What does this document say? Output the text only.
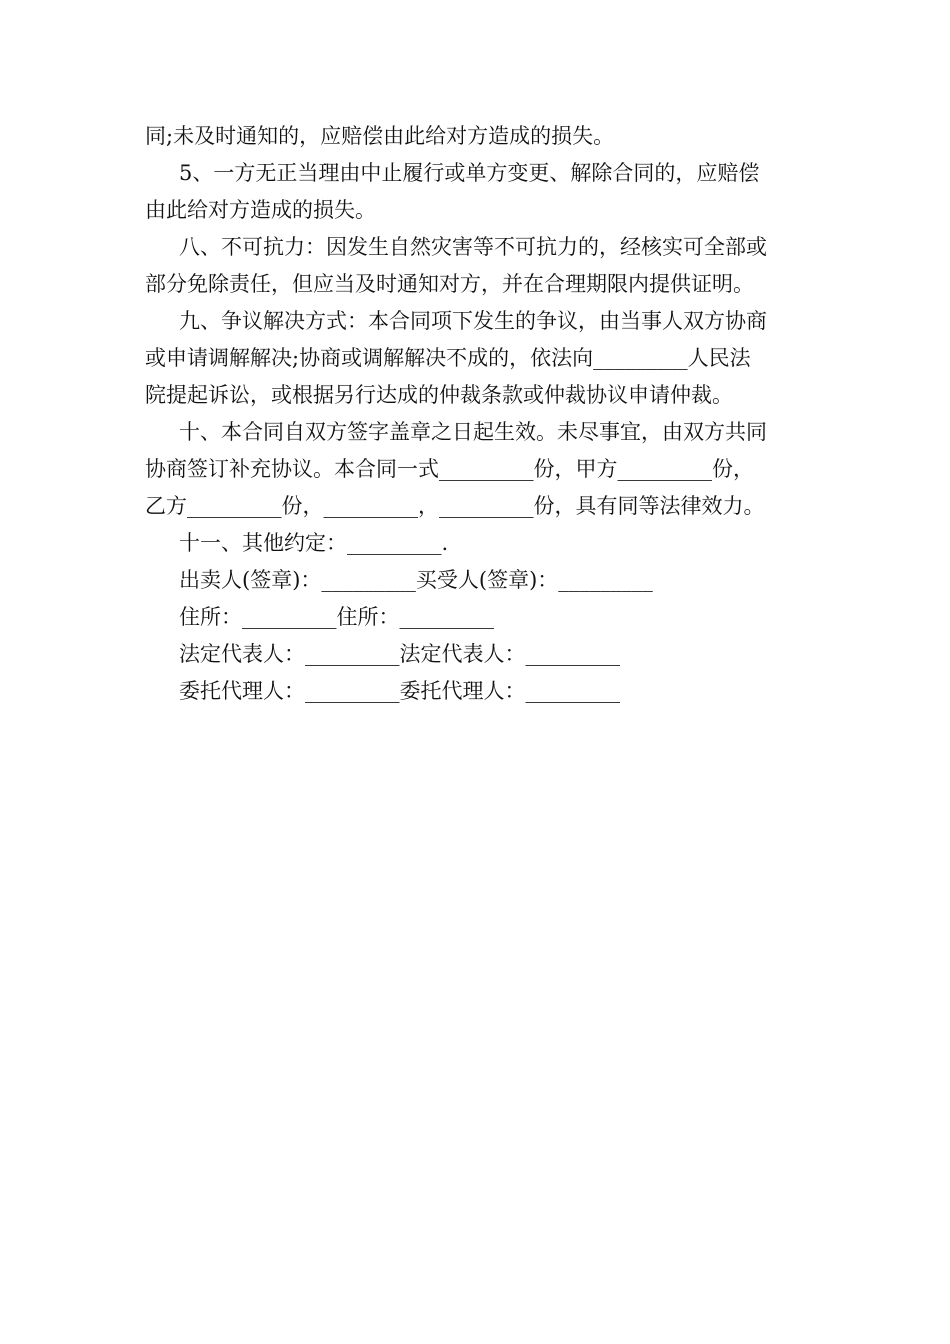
同;未及时通知的，应赔偿由此给对方造成的损失。
5、一方无正当理由中止履行或单方变更、解除合同的，应赔偿
由此给对方造成的损失。
八、不可抗力：因发生自然灾害等不可抗力的，经核实可全部或
部分免除责任，但应当及时通知对方，并在合理期限内提供证明。
九、争议解决方式：本合同项下发生的争议，由当事人双方协商
或申请调解解决;协商或调解解决不成的，依法向_________人民法
院提起诉讼，或根据另行达成的仲裁条款或仲裁协议申请仲裁。
十、本合同自双方签字盖章之日起生效。未尽事宜，由双方共同
协商签订补充协议。本合同一式_________份，甲方_________份，
乙方_________份，_________，_________份，具有同等法律效力。
十一、其他约定：_________.
出卖人(签章)：_________买受人(签章)：_________
住所：_________住所：_________
法定代表人：_________法定代表人：_________
委托代理人：_________委托代理人：_________
